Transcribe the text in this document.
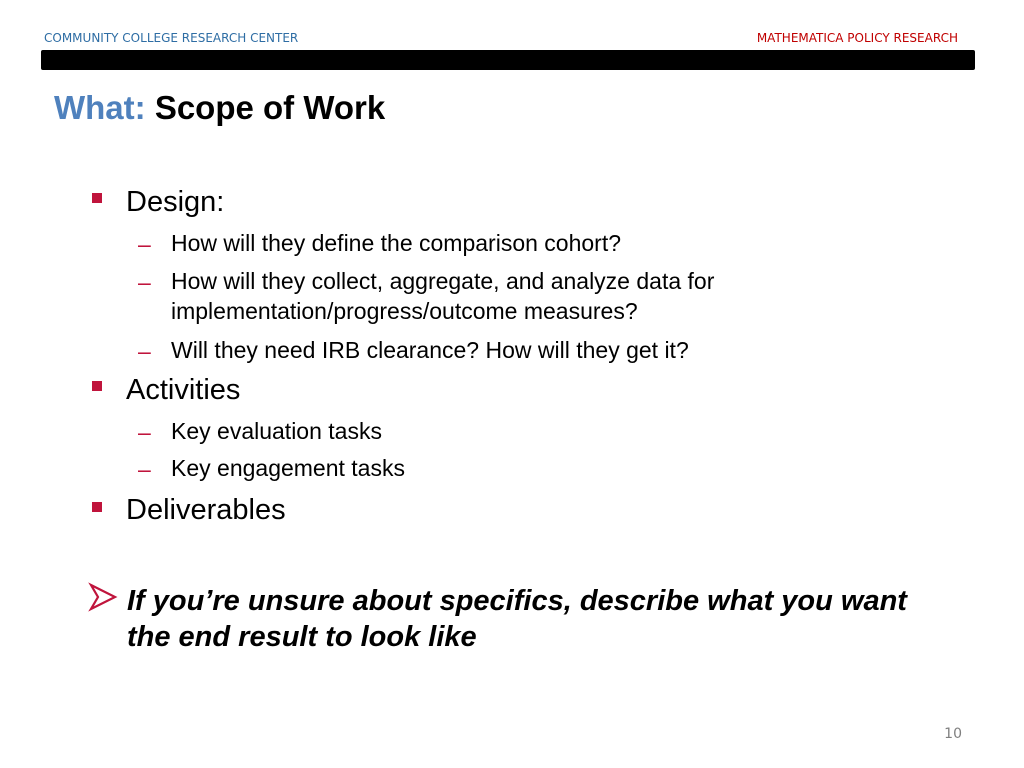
COMMUNITY COLLEGE RESEARCH CENTER	MATHEMATICA POLICY RESEARCH
What: Scope of Work
Design:
– How will they define the comparison cohort?
– How will they collect, aggregate, and analyze data for implementation/progress/outcome measures?
– Will they need IRB clearance? How will they get it?
Activities
– Key evaluation tasks
– Key engagement tasks
Deliverables
If you’re unsure about specifics, describe what you want the end result to look like
10
